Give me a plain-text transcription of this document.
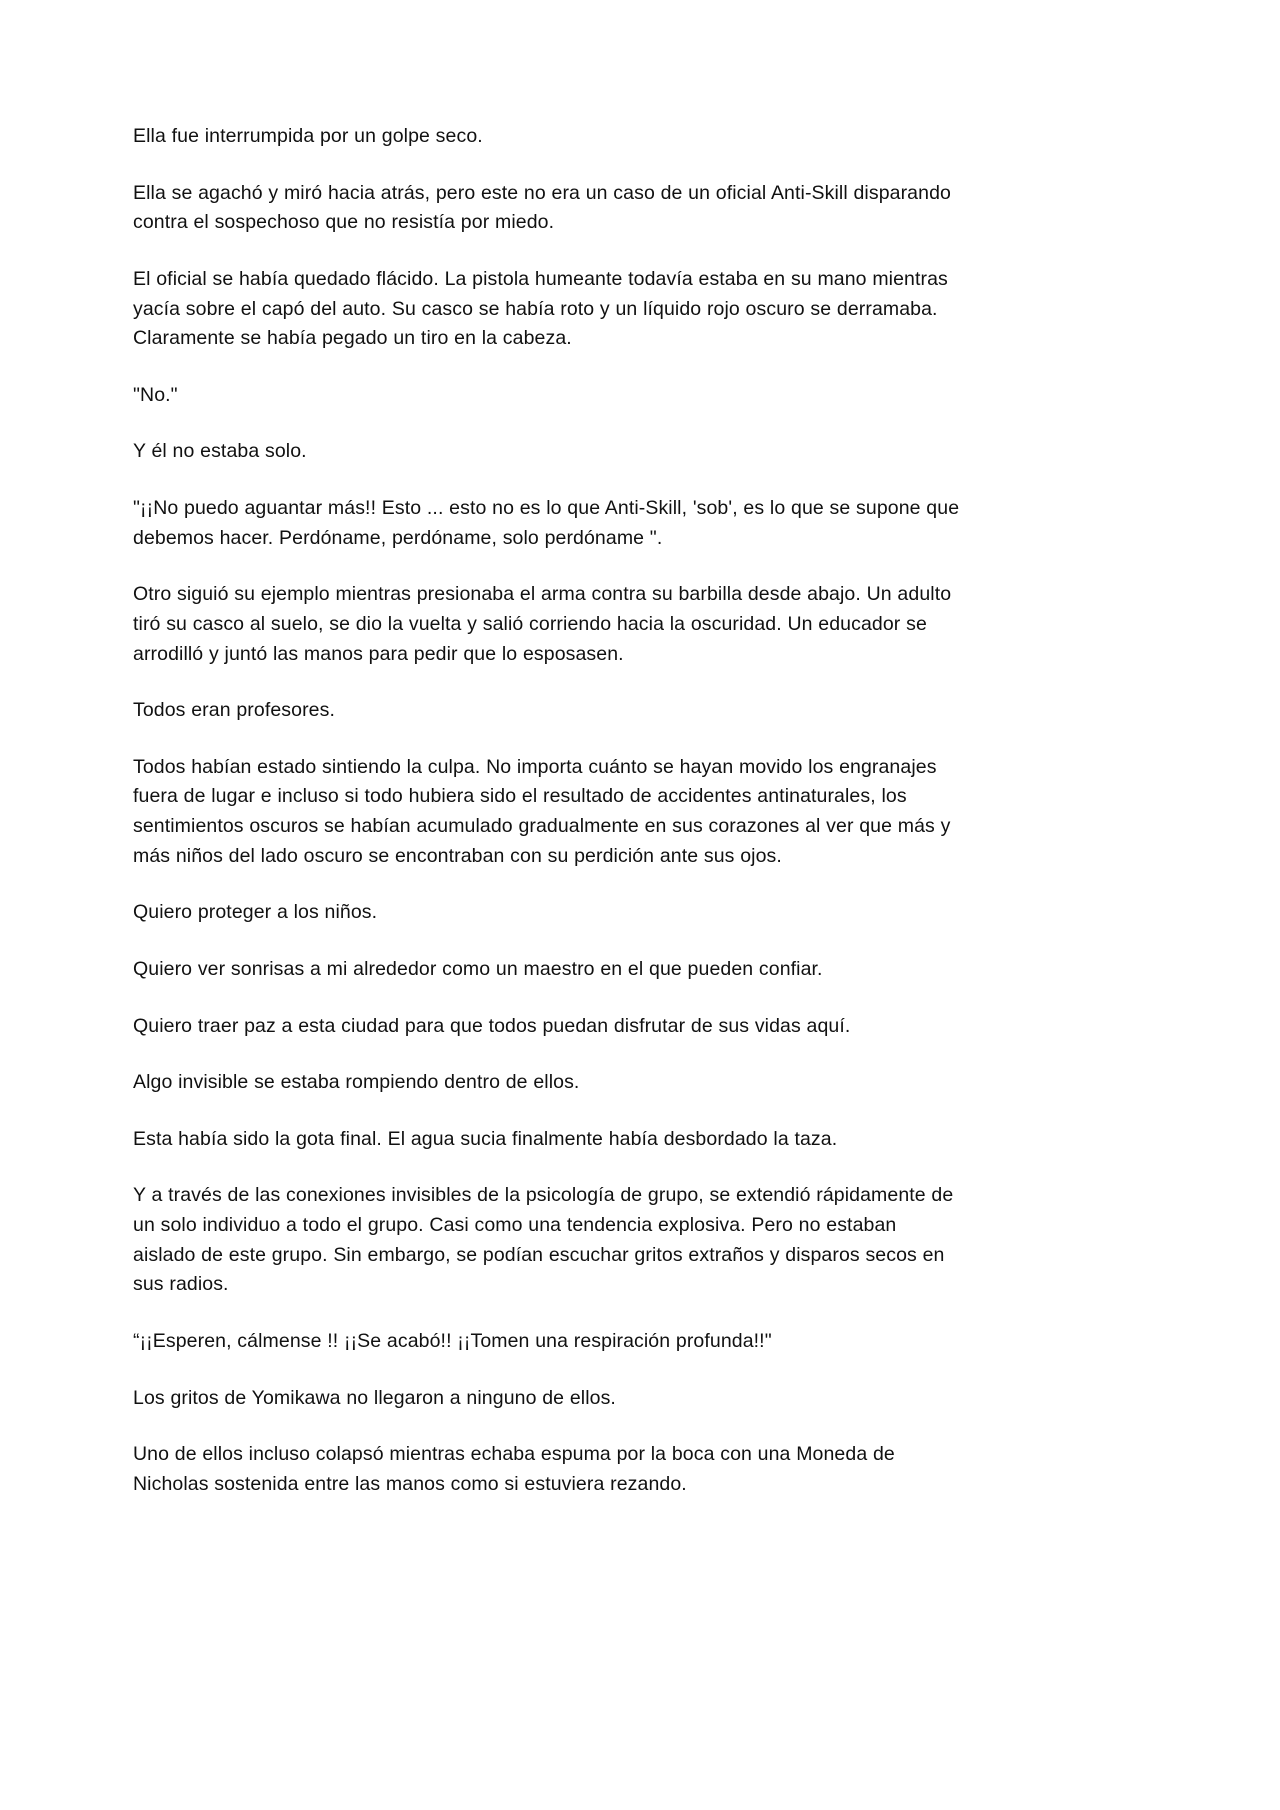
Ella fue interrumpida por un golpe seco.

Ella se agachó y miró hacia atrás, pero este no era un caso de un oficial Anti-Skill disparando contra el sospechoso que no resistía por miedo.

El oficial se había quedado flácido. La pistola humeante todavía estaba en su mano mientras yacía sobre el capó del auto. Su casco se había roto y un líquido rojo oscuro se derramaba. Claramente se había pegado un tiro en la cabeza.

"No."

Y él no estaba solo.

"¡¡No puedo aguantar más!! Esto ... esto no es lo que Anti-Skill, 'sob', es lo que se supone que debemos hacer. Perdóname, perdóname, solo perdóname ".

Otro siguió su ejemplo mientras presionaba el arma contra su barbilla desde abajo. Un adulto tiró su casco al suelo, se dio la vuelta y salió corriendo hacia la oscuridad. Un educador se arrodilló y juntó las manos para pedir que lo esposasen.

Todos eran profesores.

Todos habían estado sintiendo la culpa. No importa cuánto se hayan movido los engranajes fuera de lugar e incluso si todo hubiera sido el resultado de accidentes antinaturales, los sentimientos oscuros se habían acumulado gradualmente en sus corazones al ver que más y más niños del lado oscuro se encontraban con su perdición ante sus ojos.

Quiero proteger a los niños.

Quiero ver sonrisas a mi alrededor como un maestro en el que pueden confiar.

Quiero traer paz a esta ciudad para que todos puedan disfrutar de sus vidas aquí.

Algo invisible se estaba rompiendo dentro de ellos.

Esta había sido la gota final. El agua sucia finalmente había desbordado la taza.

Y a través de las conexiones invisibles de la psicología de grupo, se extendió rápidamente de un solo individuo a todo el grupo. Casi como una tendencia explosiva. Pero no estaban aislado de este grupo. Sin embargo, se podían escuchar gritos extraños y disparos secos en sus radios.

“¡¡Esperen, cálmense !! ¡¡Se acabó!! ¡¡Tomen una respiración profunda!!"

Los gritos de Yomikawa no llegaron a ninguno de ellos.

Uno de ellos incluso colapsó mientras echaba espuma por la boca con una Moneda de Nicholas sostenida entre las manos como si estuviera rezando.
